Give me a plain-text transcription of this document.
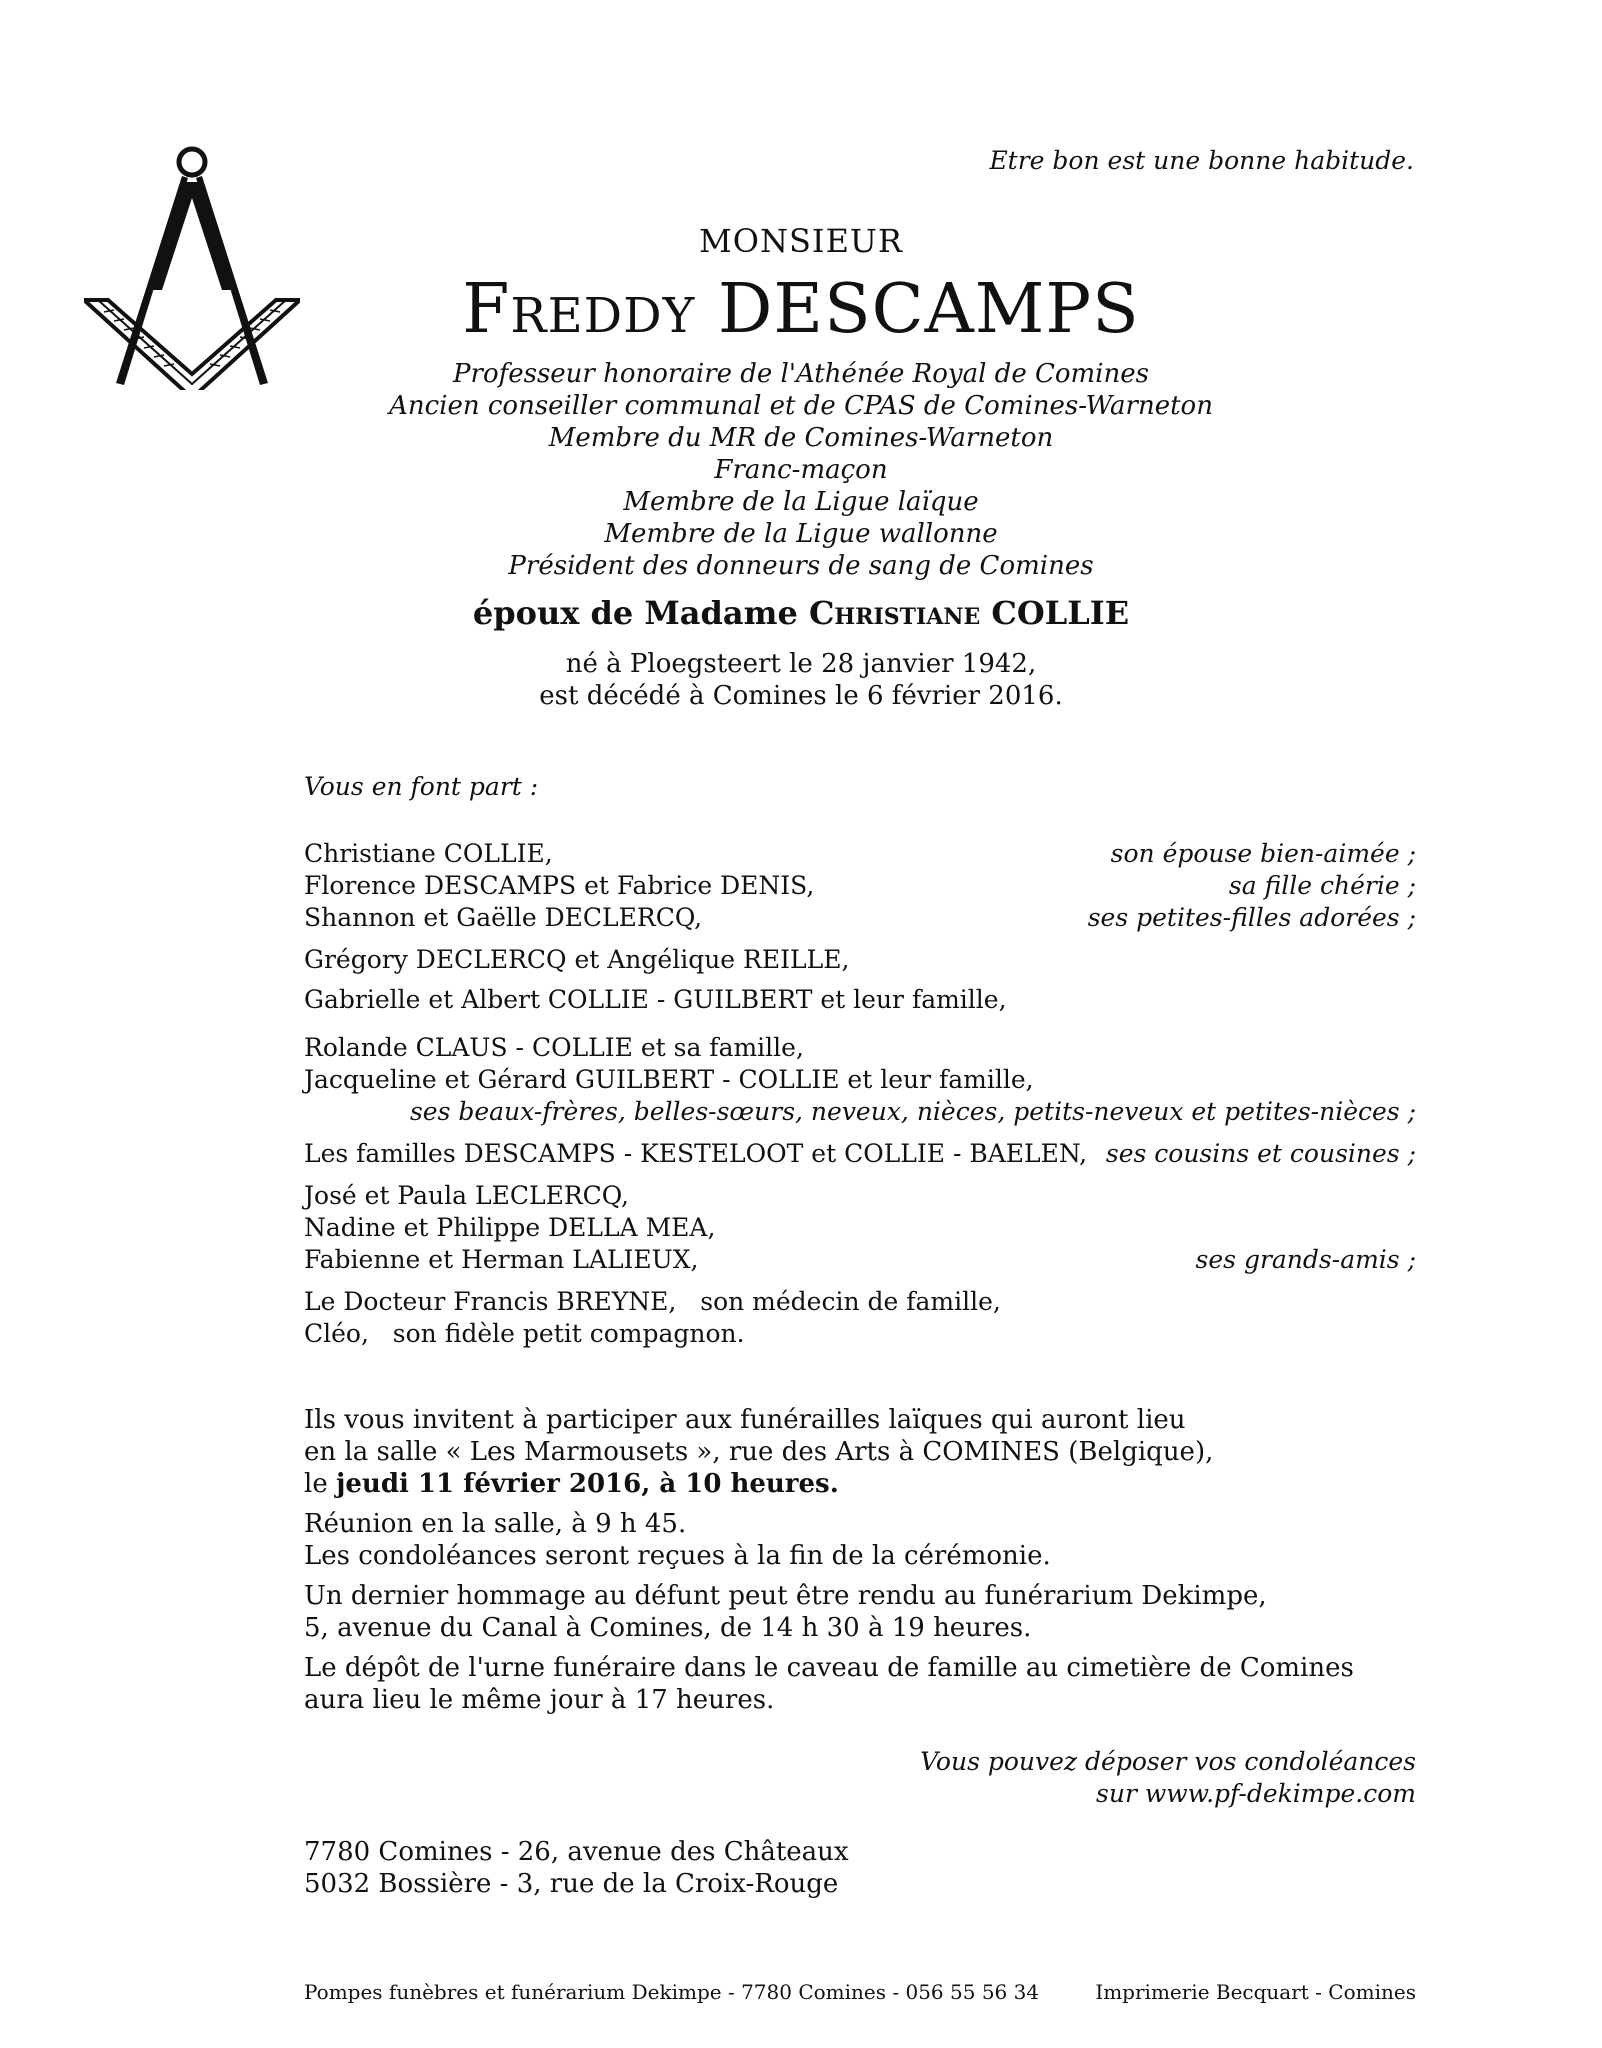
Etre bon est une bonne habitude.
MONSIEUR
Freddy DESCAMPS
Professeur honoraire de l'Athénée Royal de Comines
Ancien conseiller communal et de CPAS de Comines-Warneton
Membre du MR de Comines-Warneton
Franc-maçon
Membre de la Ligue laïque
Membre de la Ligue wallonne
Président des donneurs de sang de Comines
époux de Madame Christiane COLLIE
né à Ploegsteert le 28 janvier 1942,
est décédé à Comines le 6 février 2016.
Vous en font part :
Christiane COLLIE,	son épouse bien-aimée ;
Florence DESCAMPS et Fabrice DENIS,	sa fille chérie ;
Shannon et Gaëlle DECLERCQ,	ses petites-filles adorées ;
Grégory DECLERCQ et Angélique REILLE,
Gabrielle et Albert COLLIE - GUILBERT et leur famille,
Rolande CLAUS - COLLIE et sa famille,
Jacqueline et Gérard GUILBERT - COLLIE et leur famille,
ses beaux-frères, belles-sœurs, neveux, nièces, petits-neveux et petites-nièces ;
Les familles DESCAMPS - KESTELOOT et COLLIE - BAELEN, ses cousins et cousines ;
José et Paula LECLERCQ,
Nadine et Philippe DELLA MEA,
Fabienne et Herman LALIEUX,	ses grands-amis ;
Le Docteur Francis BREYNE, son médecin de famille,
Cléo, son fidèle petit compagnon.

Ils vous invitent à participer aux funérailles laïques qui auront lieu
en la salle « Les Marmousets », rue des Arts à COMINES (Belgique),
le jeudi 11 février 2016, à 10 heures.

Réunion en la salle, à 9 h 45.
Les condoléances seront reçues à la fin de la cérémonie.

Un dernier hommage au défunt peut être rendu au funérarium Dekimpe,
5, avenue du Canal à Comines, de 14 h 30 à 19 heures.

Le dépôt de l'urne funéraire dans le caveau de famille au cimetière de Comines
aura lieu le même jour à 17 heures.

Vous pouvez déposer vos condoléances
sur www.pf-dekimpe.com
7780 Comines - 26, avenue des Châteaux
5032 Bossière - 3, rue de la Croix-Rouge
Pompes funèbres et funérarium Dekimpe - 7780 Comines - 056 55 56 34	Imprimerie Becquart - Comines
